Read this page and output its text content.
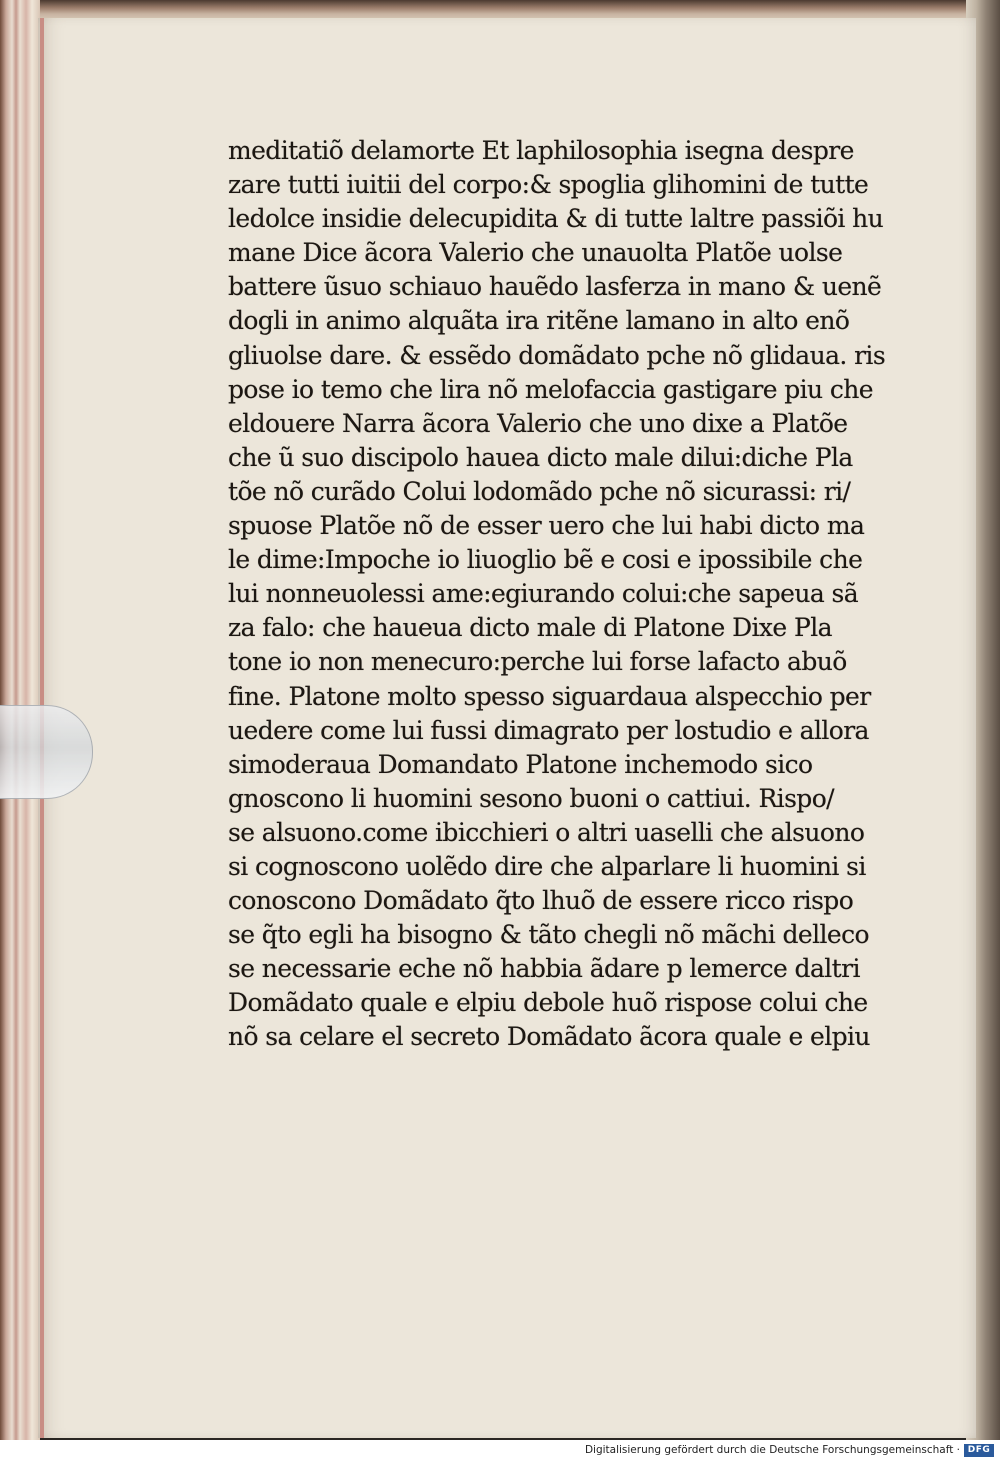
meditatiõ delamorte Et laphilosophia isegna despre
zare tutti iuitii del corpo:& spoglia glihomini de tutte
ledolce insidie delecupidita & di tutte laltre passiõi hu
mane Dice ãcora Valerio che unauolta Platõe uolse
battere ũsuo schiauo hauẽdo lasferza in mano & uenẽ
dogli in animo alquãta ira ritẽne lamano in alto enõ
gliuolse dare. & essẽdo domãdato pche nõ glidaua. ris
pose io temo che lira nõ melofaccia gastigare piu che
eldouere Narra ãcora Valerio che uno dixe a Platõe
che ũ suo discipolo hauea dicto male dilui:diche Pla
tõe nõ curãdo Colui lodomãdo pche nõ sicurassi: ri/
spuose Platõe nõ de esser uero che lui habi dicto ma
le dime:Impoche io liuoglio bẽ e cosi e ipossibile che
lui nonneuolessi ame:egiurando colui:che sapeua sã
za falo: che haueua dicto male di Platone Dixe Pla
tone io non menecuro:perche lui forse lafacto abuõ
fine. Platone molto spesso siguardaua alspecchio per
uedere come lui fussi dimagrato per lostudio e allora
simoderaua Domandato Platone inchemodo sico
gnoscono li huomini sesono buoni o cattiui. Rispo/
se alsuono.come ibicchieri o altri uaselli che alsuono
si cognoscono uolẽdo dire che alparlare li huomini si
conoscono Domãdato q̃to lhuõ de essere ricco rispo
se q̃to egli ha bisogno & tãto chegli nõ mãchi delleco
se necessarie eche nõ habbia ãdare p lemerce daltri
Domãdato quale e elpiu debole huõ rispose colui che
nõ sa celare el secreto Domãdato ãcora quale e elpiu
Digitalisierung gefördert durch die Deutsche Forschungsgemeinschaft · DFG
